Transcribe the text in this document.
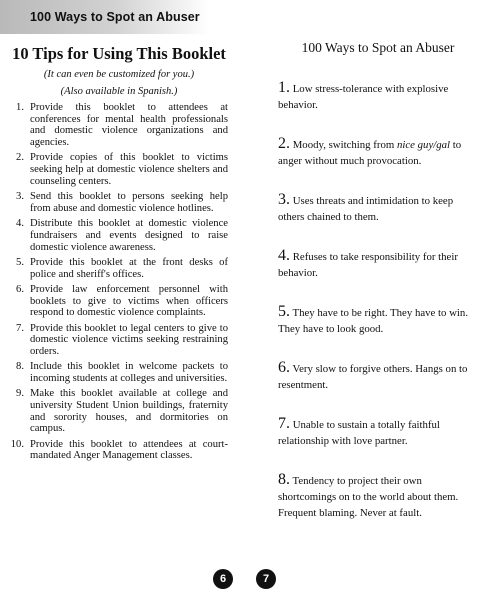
100 Ways to Spot an Abuser
10 Tips for Using This Booklet
(It can even be customized for you.)
(Also available in Spanish.)
1. Provide this booklet to attendees at conferences for mental health professionals and domestic violence organizations and agencies.
2. Provide copies of this booklet to victims seeking help at domestic violence shelters and counseling centers.
3. Send this booklet to persons seeking help from abuse and domestic violence hotlines.
4. Distribute this booklet at domestic violence fundraisers and events designed to raise domestic violence awareness.
5. Provide this booklet at the front desks of police and sheriff's offices.
6. Provide law enforcement personnel with booklets to give to victims when officers respond to domestic violence complaints.
7. Provide this booklet to legal centers to give to domestic violence victims seeking restraining orders.
8. Include this booklet in welcome packets to incoming students at colleges and universities.
9. Make this booklet available at college and university Student Union buildings, fraternity and sorority houses, and dormitories on campus.
10. Provide this booklet to attendees at court-mandated Anger Management classes.
100 Ways to Spot an Abuser
1. Low stress-tolerance with explosive behavior.
2. Moody, switching from nice guy/gal to anger without much provocation.
3. Uses threats and intimidation to keep others chained to them.
4. Refuses to take responsibility for their behavior.
5. They have to be right. They have to win. They have to look good.
6. Very slow to forgive others. Hangs on to resentment.
7. Unable to sustain a totally faithful relationship with love partner.
8. Tendency to project their own shortcomings on to the world about them. Frequent blaming. Never at fault.
6	7
